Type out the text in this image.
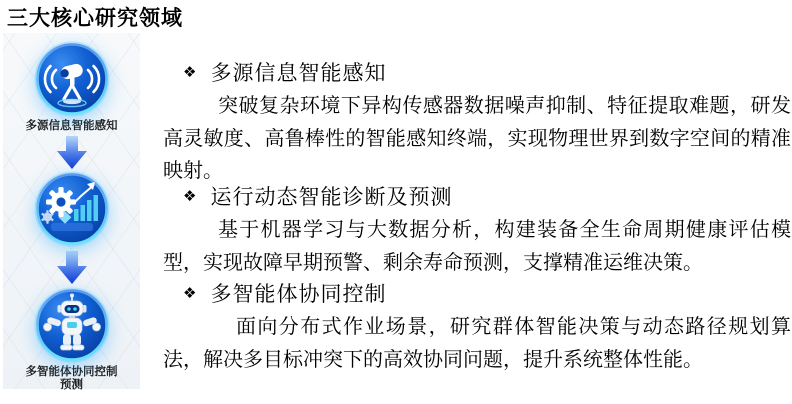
三大核心研究领域
多源信息智能感知
多智能体协同控制
预测
❖ 多源信息智能感知

突破复杂环境下异构传感器数据噪声抑制、特征提取难题，研发高灵敏度、高鲁棒性的智能感知终端，实现物理世界到数字空间的精准映射。

❖ 运行动态智能诊断及预测

基于机器学习与大数据分析，构建装备全生命周期健康评估模型，实现故障早期预警、剩余寿命预测，支撑精准运维决策。

❖ 多智能体协同控制

面向分布式作业场景，研究群体智能决策与动态路径规划算法，解决多目标冲突下的高效协同问题，提升系统整体性能。
